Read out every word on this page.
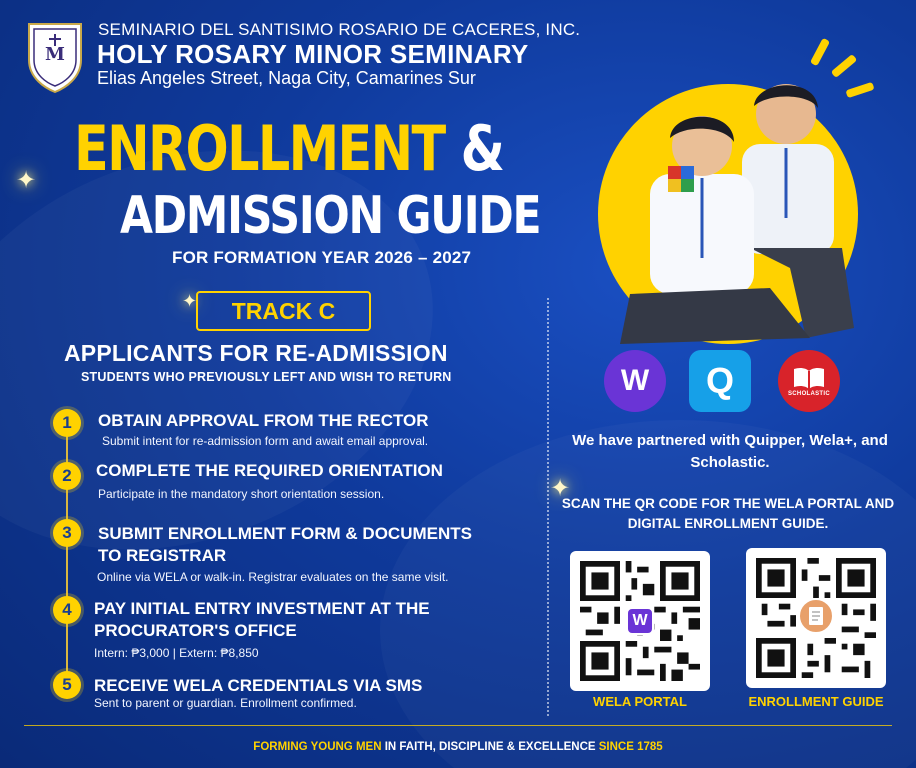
M
SEMINARIO DEL SANTISIMO ROSARIO DE CACERES, INC.
HOLY ROSARY MINOR SEMINARY
Elias Angeles Street, Naga City, Camarines Sur
ENROLLMENT &
ADMISSION GUIDE
FOR FORMATION YEAR 2026 – 2027
✦
✦
✦
TRACK C
APPLICANTS FOR RE-ADMISSION
STUDENTS WHO PREVIOUSLY LEFT AND WISH TO RETURN
1	OBTAIN APPROVAL FROM THE RECTOR
Submit intent for re-admission form and await email approval.
2	COMPLETE THE REQUIRED ORIENTATION
Participate in the mandatory short orientation session.
3	SUBMIT ENROLLMENT FORM & DOCUMENTS
TO REGISTRAR
Online via WELA or walk-in. Registrar evaluates on the same visit.
4	PAY INITIAL ENTRY INVESTMENT AT THE
PROCURATOR'S OFFICE
Intern: ₱3,000 | Extern: ₱8,850
5	RECEIVE WELA CREDENTIALS VIA SMS
Sent to parent or guardian. Enrollment confirmed.
W	Q	SCHOLASTIC
We have partnered with Quipper, Wela+, and Scholastic.
SCAN THE QR CODE FOR THE WELA PORTAL AND DIGITAL ENROLLMENT GUIDE.
W
WELA PORTAL	ENROLLMENT GUIDE
FORMING YOUNG MEN IN FAITH, DISCIPLINE & EXCELLENCE SINCE 1785
